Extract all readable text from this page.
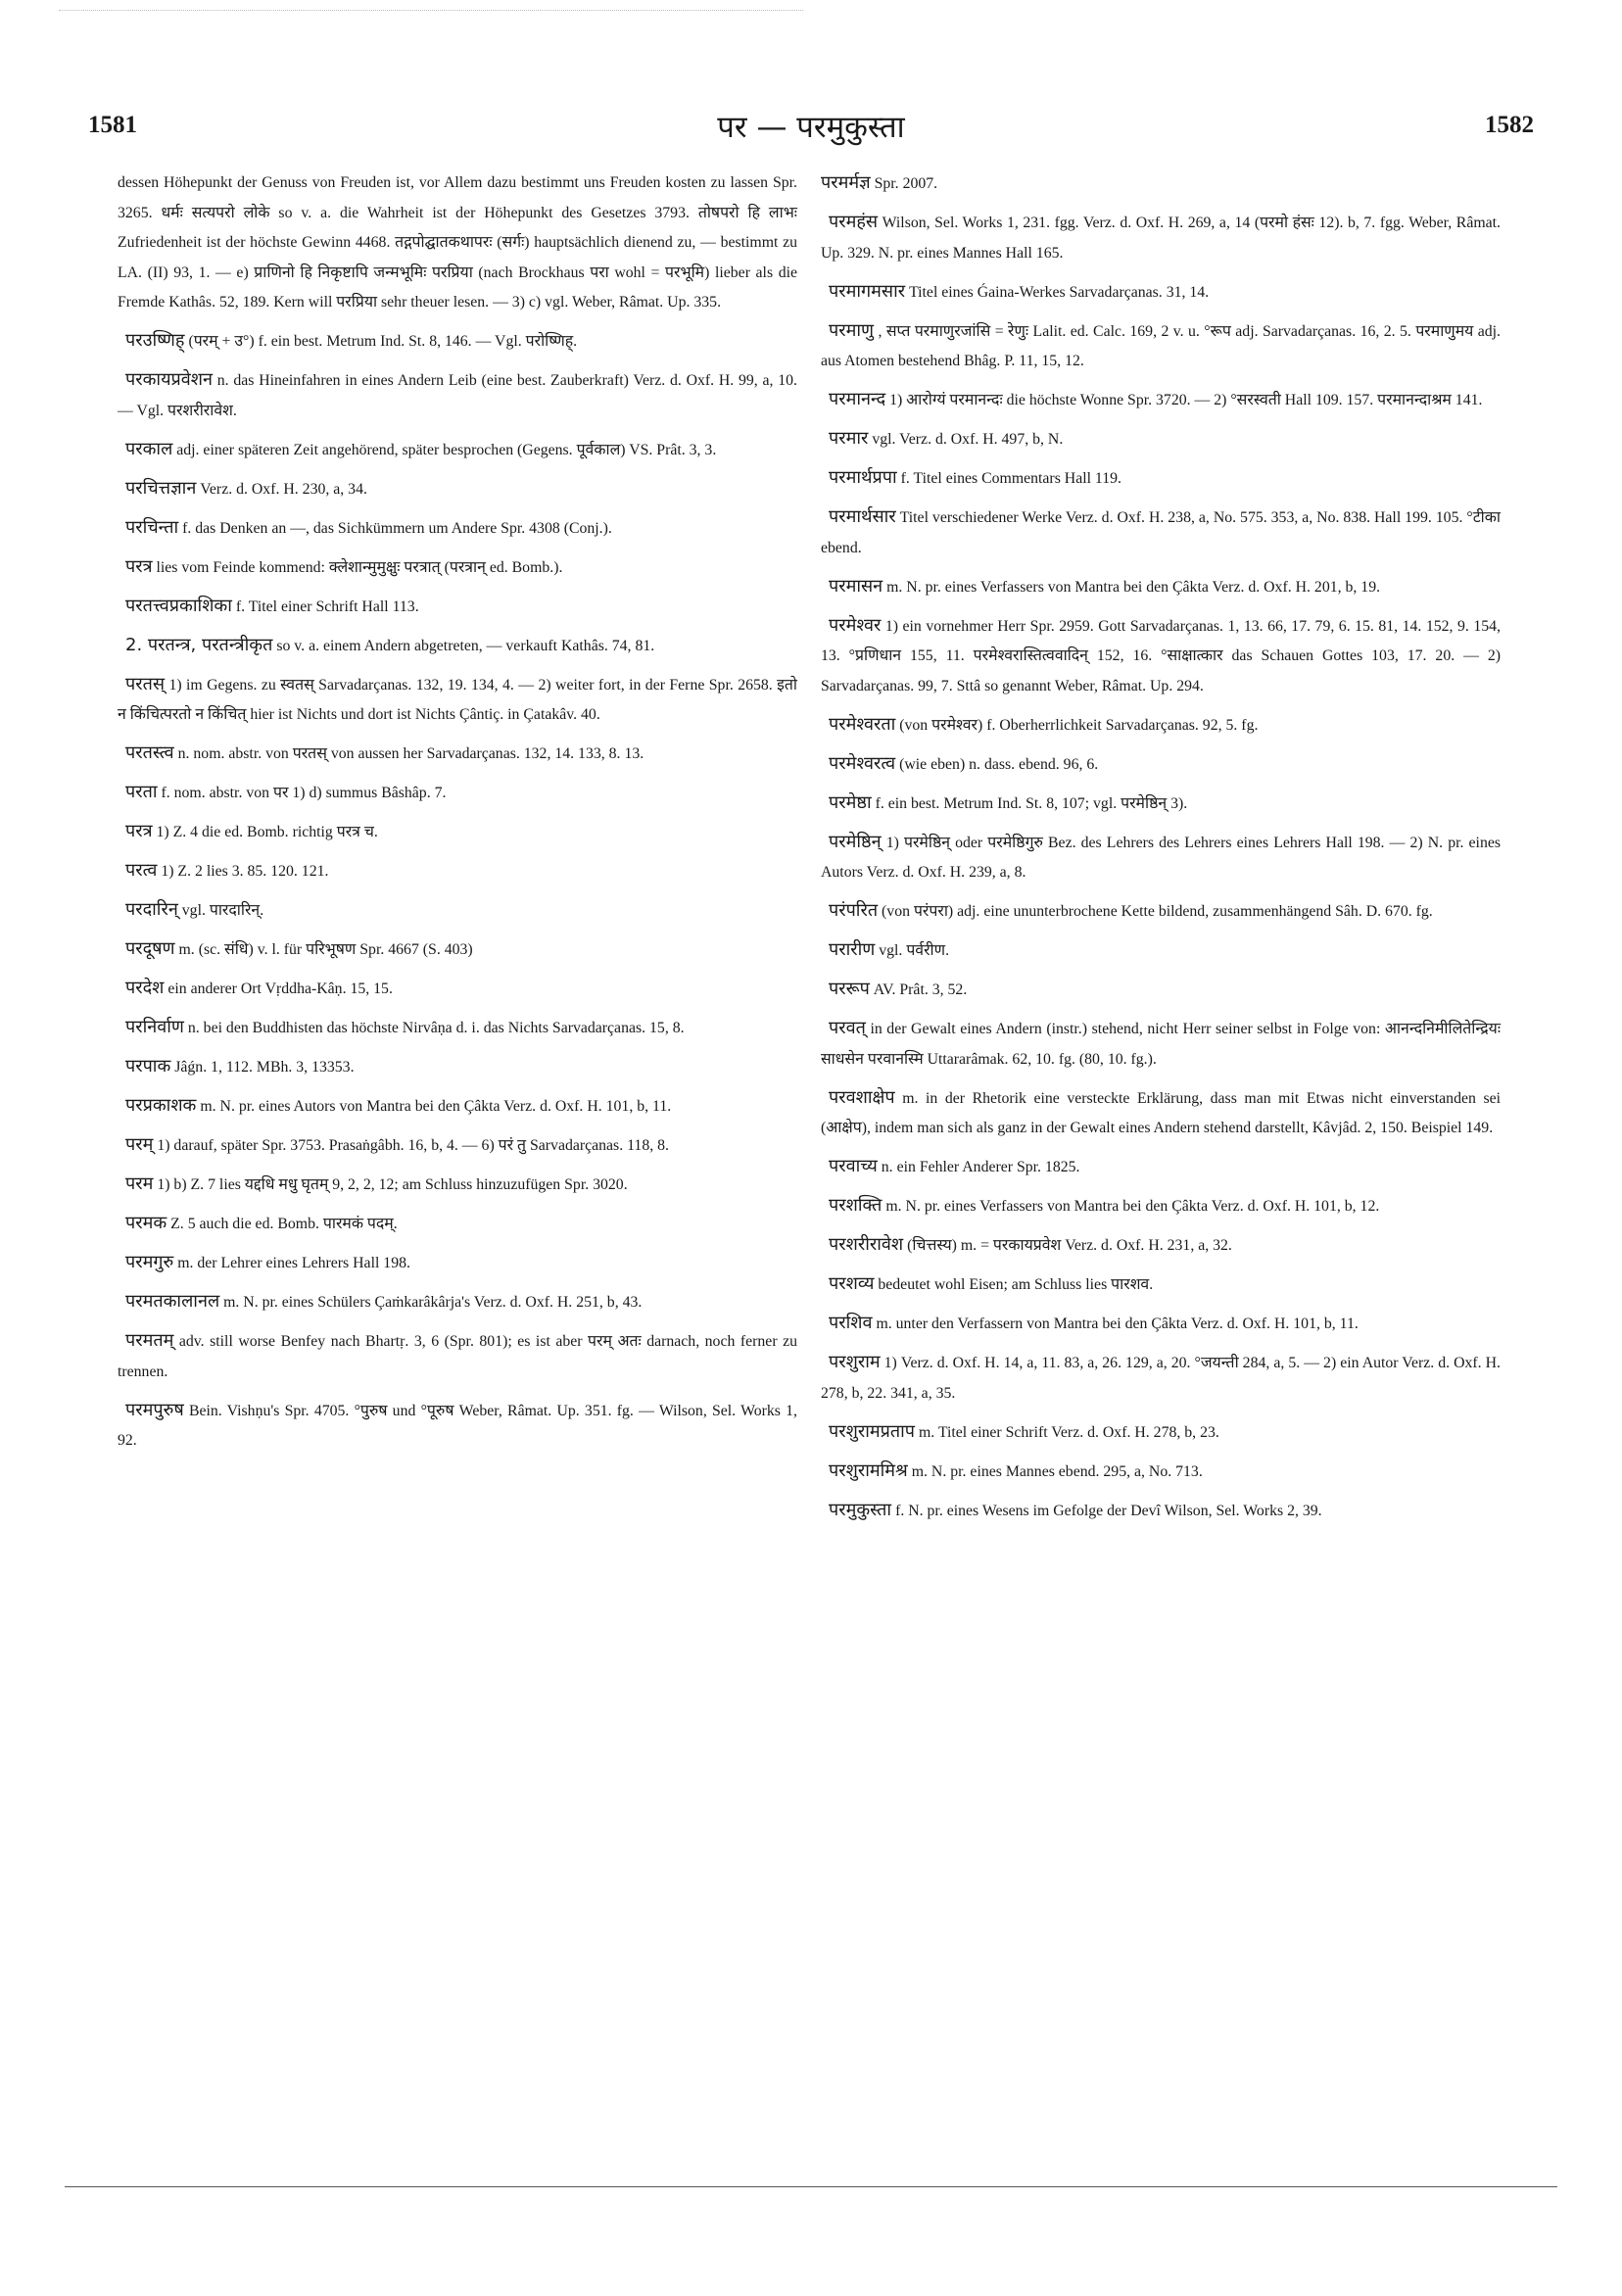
1581	पर — परमुकुस्ता	1582

dessen Höhepunkt der Genuss von Freuden ist, vor Allem dazu bestimmt uns Freuden kosten zu lassen Spr. 3265. धर्मः सत्यपरो लोके so v. a. die Wahrheit ist der Höhepunkt des Gesetzes 3793. तोषपरो हि लाभः Zufriedenheit ist der höchste Gewinn 4468. तद्गपोद्घातकथापरः (सर्गः) hauptsächlich dienend zu, — bestimmt zu LA. (II) 93, 1. — e) प्राणिनो हि निकृष्टापि जन्मभूमिः परप्रिया (nach Brockhaus परा wohl = परभूमि) lieber als die Fremde Kathâs. 52, 189. Kern will परप्रिया sehr theuer lesen. — 3) c) vgl. Weber, Râmat. Up. 335.

परउष्णिह् (परम् + उ°) f. ein best. Metrum Ind. St. 8, 146. — Vgl. परोष्णिह्.

परकायप्रवेशन n. das Hineinfahren in eines Andern Leib (eine best. Zauberkraft) Verz. d. Oxf. H. 99, a, 10. — Vgl. परशरीरावेश.

परकाल adj. einer späteren Zeit angehörend, später besprochen (Gegens. पूर्वकाल) VS. Prât. 3, 3.

परचित्तज्ञान Verz. d. Oxf. H. 230, a, 34.

परचिन्ता f. das Denken an —, das Sichkümmern um Andere Spr. 4308 (Conj.).

परत्र lies vom Feinde kommend: क्लेशान्मुमुक्षुः परत्रात् (परत्रान् ed. Bomb.).

परतत्त्वप्रकाशिका f. Titel einer Schrift Hall 113.

2. परतन्त्र, परतन्त्रीकृत so v. a. einem Andern abgetreten, — verkauft Kathâs. 74, 81.

परतस् 1) im Gegens. zu स्वतस् Sarvadarçanas. 132, 19. 134, 4. — 2) weiter fort, in der Ferne Spr. 2658. इतो न किंचित्परतो न किंचित् hier ist Nichts und dort ist Nichts Çântiç. in Çatakâv. 40.

परतस्त्व n. nom. abstr. von परतस् von aussen her Sarvadarçanas. 132, 14. 133, 8. 13.

परता f. nom. abstr. von पर 1) d) summus Bâshâp. 7.

परत्र 1) Z. 4 die ed. Bomb. richtig परत्र च.

परत्व 1) Z. 2 lies 3. 85. 120. 121.

परदारिन् vgl. पारदारिन्.

परदूषण m. (sc. संधि) v. l. für परिभूषण Spr. 4667 (S. 403)

परदेश ein anderer Ort Vṛddha-Kâṇ. 15, 15.

परनिर्वाण n. bei den Buddhisten das höchste Nirvâṇa d. i. das Nichts Sarvadarçanas. 15, 8.

परपाक Jâǵn. 1, 112. MBh. 3, 13353.

परप्रकाशक m. N. pr. eines Autors von Mantra bei den Çâkta Verz. d. Oxf. H. 101, b, 11.

परम् 1) darauf, später Spr. 3753. Prasaṅgâbh. 16, b, 4. — 6) परं तु Sarvadarçanas. 118, 8.

परम 1) b) Z. 7 lies यद्दधि मधु घृतम् 9, 2, 2, 12; am Schluss hinzuzufügen Spr. 3020.

परमक Z. 5 auch die ed. Bomb. पारमकं पदम्.

परमगुरु m. der Lehrer eines Lehrers Hall 198.

परमतकालानल m. N. pr. eines Schülers Çaṁkarâkârja's Verz. d. Oxf. H. 251, b, 43.

परमतम् adv. still worse Benfey nach Bhartṛ. 3, 6 (Spr. 801); es ist aber परम् अतः darnach, noch ferner zu trennen.

परमपुरुष Bein. Vishṇu's Spr. 4705. °पुरुष und °पूरुष Weber, Râmat. Up. 351. fg. — Wilson, Sel. Works 1, 92.

परमर्मज्ञ Spr. 2007.

परमहंस Wilson, Sel. Works 1, 231. fgg. Verz. d. Oxf. H. 269, a, 14 (परमो हंसः 12). b, 7. fgg. Weber, Râmat. Up. 329. N. pr. eines Mannes Hall 165.

परमागमसार Titel eines Ǵaina-Werkes Sarvadarçanas. 31, 14.

परमाणु , सप्त परमाणुरजांसि = रेणुः Lalit. ed. Calc. 169, 2 v. u. °रूप adj. Sarvadarçanas. 16, 2. 5. परमाणुमय adj. aus Atomen bestehend Bhâg. P. 11, 15, 12.

परमानन्द 1) आरोग्यं परमानन्दः die höchste Wonne Spr. 3720. — 2) °सरस्वती Hall 109. 157. परमानन्दाश्रम 141.

परमार vgl. Verz. d. Oxf. H. 497, b, N.

परमार्थप्रपा f. Titel eines Commentars Hall 119.

परमार्थसार Titel verschiedener Werke Verz. d. Oxf. H. 238, a, No. 575. 353, a, No. 838. Hall 199. 105. °टीका ebend.

परमासन m. N. pr. eines Verfassers von Mantra bei den Çâkta Verz. d. Oxf. H. 201, b, 19.

परमेश्वर 1) ein vornehmer Herr Spr. 2959. Gott Sarvadarçanas. 1, 13. 66, 17. 79, 6. 15. 81, 14. 152, 9. 154, 13. °प्रणिधान 155, 11. परमेश्वरास्तित्ववादिन् 152, 16. °साक्षात्कार das Schauen Gottes 103, 17. 20. — 2) Sarvadarçanas. 99, 7. Sttâ so genannt Weber, Râmat. Up. 294.

परमेश्वरता (von परमेश्वर) f. Oberherrlichkeit Sarvadarçanas. 92, 5. fg.

परमेश्वरत्व (wie eben) n. dass. ebend. 96, 6.

परमेष्ठा f. ein best. Metrum Ind. St. 8, 107; vgl. परमेष्ठिन् 3).

परमेष्ठिन् 1) परमेष्ठिन् oder परमेष्ठिगुरु Bez. des Lehrers des Lehrers eines Lehrers Hall 198. — 2) N. pr. eines Autors Verz. d. Oxf. H. 239, a, 8.

परंपरित (von परंपरा) adj. eine ununterbrochene Kette bildend, zusammenhängend Sâh. D. 670. fg.

परारीण vgl. पर्वरीण.

पररूप AV. Prât. 3, 52.

परवत् in der Gewalt eines Andern (instr.) stehend, nicht Herr seiner selbst in Folge von: आनन्दनिमीलितेन्द्रियः साधसेन परवानस्मि Uttararâmak. 62, 10. fg. (80, 10. fg.).

परवशाक्षेप m. in der Rhetorik eine versteckte Erklärung, dass man mit Etwas nicht einverstanden sei (आक्षेप), indem man sich als ganz in der Gewalt eines Andern stehend darstellt, Kâvjâd. 2, 150. Beispiel 149.

परवाच्य n. ein Fehler Anderer Spr. 1825.

परशक्ति m. N. pr. eines Verfassers von Mantra bei den Çâkta Verz. d. Oxf. H. 101, b, 12.

परशरीरावेश (चित्तस्य) m. = परकायप्रवेश Verz. d. Oxf. H. 231, a, 32.

परशव्य bedeutet wohl Eisen; am Schluss lies पारशव.

परशिव m. unter den Verfassern von Mantra bei den Çâkta Verz. d. Oxf. H. 101, b, 11.

परशुराम 1) Verz. d. Oxf. H. 14, a, 11. 83, a, 26. 129, a, 20. °जयन्ती 284, a, 5. — 2) ein Autor Verz. d. Oxf. H. 278, b, 22. 341, a, 35.

परशुरामप्रताप m. Titel einer Schrift Verz. d. Oxf. H. 278, b, 23.

परशुराममिश्र m. N. pr. eines Mannes ebend. 295, a, No. 713.

परमुकुस्ता f. N. pr. eines Wesens im Gefolge der Devî Wilson, Sel. Works 2, 39.
